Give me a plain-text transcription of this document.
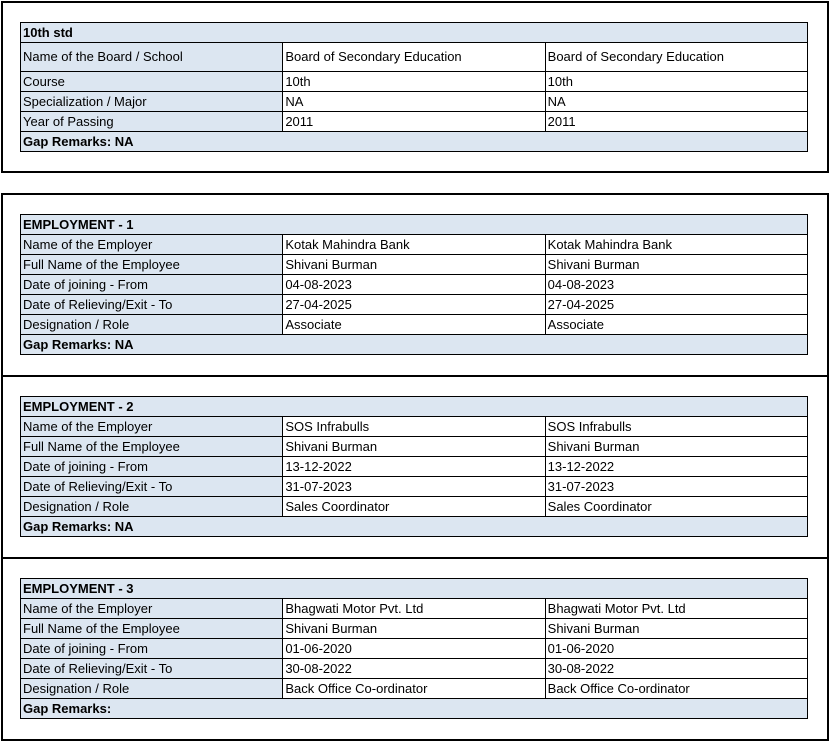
10th std		
Name of the Board / School	Board of Secondary Education	Board of Secondary Education
Course	10th	10th
Specialization / Major	NA	NA
Year of Passing	2011	2011
Gap Remarks: NA		
EMPLOYMENT - 1		
Name of the Employer	Kotak Mahindra Bank	Kotak Mahindra Bank
Full Name of the Employee	Shivani Burman	Shivani Burman
Date of joining - From	04-08-2023	04-08-2023
Date of Relieving/Exit - To	27-04-2025	27-04-2025
Designation / Role	Associate	Associate
Gap Remarks: NA		
EMPLOYMENT - 2		
Name of the Employer	SOS Infrabulls	SOS Infrabulls
Full Name of the Employee	Shivani Burman	Shivani Burman
Date of joining - From	13-12-2022	13-12-2022
Date of Relieving/Exit - To	31-07-2023	31-07-2023
Designation / Role	Sales Coordinator	Sales Coordinator
Gap Remarks: NA		
EMPLOYMENT - 3		
Name of the Employer	Bhagwati Motor Pvt. Ltd	Bhagwati Motor Pvt. Ltd
Full Name of the Employee	Shivani Burman	Shivani Burman
Date of joining - From	01-06-2020	01-06-2020
Date of Relieving/Exit - To	30-08-2022	30-08-2022
Designation / Role	Back Office Co-ordinator	Back Office Co-ordinator
Gap Remarks:		
